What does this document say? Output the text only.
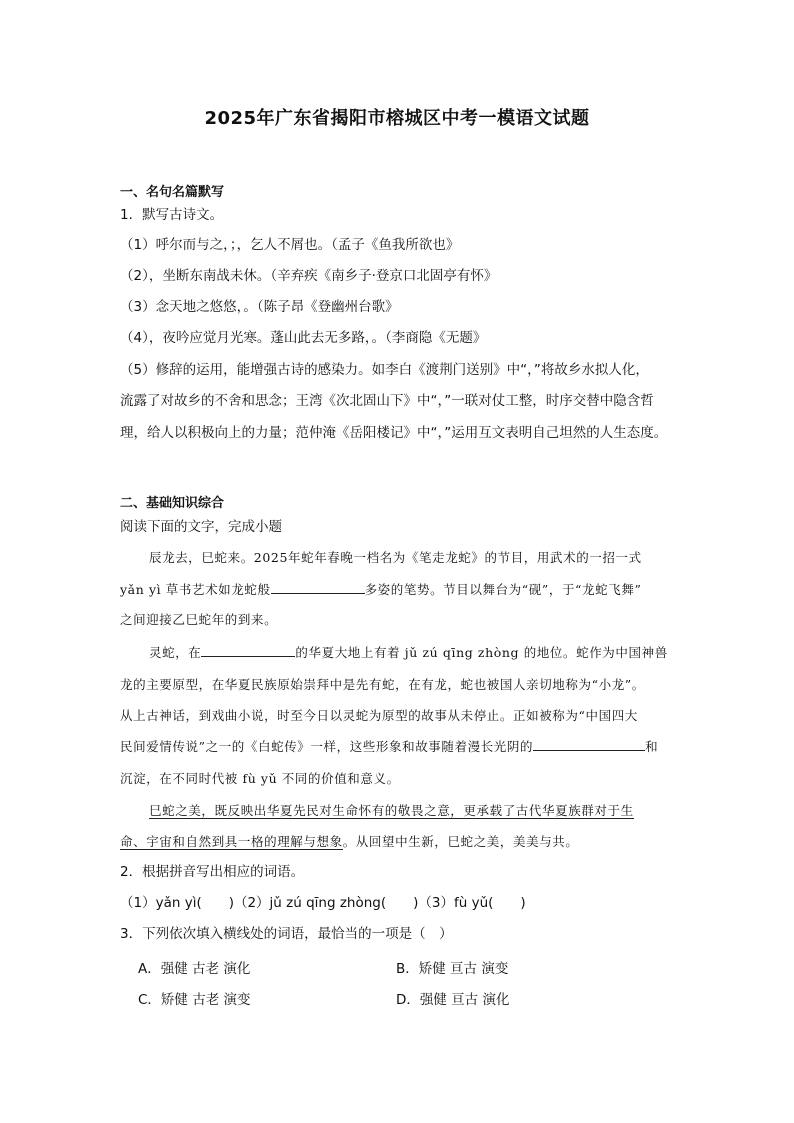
2025年广东省揭阳市榕城区中考一模语文试题
一、名句名篇默写
1．默写古诗文。
（1）呼尔而与之，；，乞人不屑也。（孟子《鱼我所欲也》
（2），坐断东南战未休。（辛弃疾《南乡子·登京口北固亭有怀》
（3）念天地之悠悠，。（陈子昂《登幽州台歌》
（4），夜吟应觉月光寒。蓬山此去无多路，。（李商隐《无题》
（5）修辞的运用，能增强古诗的感染力。如李白《渡荆门送别》中“，”将故乡水拟人化，
流露了对故乡的不舍和思念；王湾《次北固山下》中“，”一联对仗工整，时序交替中隐含哲
理，给人以积极向上的力量；范仲淹《岳阳楼记》中“，”运用互文表明自己坦然的人生态度。
二、基础知识综合
阅读下面的文字，完成小题
辰龙去，巳蛇来。2025年蛇年春晚一档名为《笔走龙蛇》的节目，用武术的一招一式
yǎn yì 草书艺术如龙蛇般	多姿的笔势。节目以舞台为“砚”，于“龙蛇飞舞”
之间迎接乙巳蛇年的到来。
灵蛇，在	的华夏大地上有着 jǔ zú qīng zhòng 的地位。蛇作为中国神兽
龙的主要原型，在华夏民族原始崇拜中是先有蛇，在有龙，蛇也被国人亲切地称为“小龙”。
从上古神话，到戏曲小说，时至今日以灵蛇为原型的故事从未停止。正如被称为“中国四大
民间爱情传说”之一的《白蛇传》一样，这些形象和故事随着漫长光阴的	和
沉淀，在不同时代被 fù yǔ 不同的价值和意义。
巳蛇之美，既反映出华夏先民对生命怀有的敬畏之意，更承载了古代华夏族群对于生
命、宇宙和自然到具一格的理解与想象。从回望中生新，巳蛇之美，美美与共。
2．根据拼音写出相应的词语。
（1）yǎn yì(　　)（2）jǔ zú qīng zhòng(　　)（3）fù yǔ(　　)
3．下列依次填入横线处的词语，最恰当的一项是（　）
A．强健 古老 演化	B．矫健 亘古 演变
C．矫健 古老 演变	D．强健 亘古 演化
